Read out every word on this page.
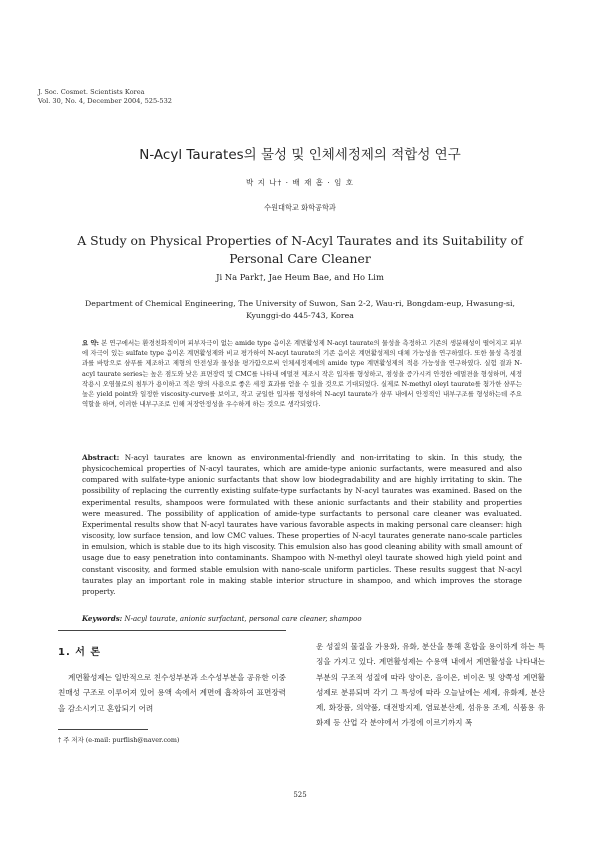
J. Soc. Cosmet. Scientists Korea
Vol. 30, No. 4, December 2004, 525-532
N-Acyl Taurates의 물성 및 인체세정제의 적합성 연구
박 지 나† · 배 재 흠 · 임 호
수원대학교 화학공학과
A Study on Physical Properties of N-Acyl Taurates and its Suitability of Personal Care Cleaner
Ji Na Park†, Jae Heum Bae, and Ho Lim
Department of Chemical Engineering, The University of Suwon, San 2-2, Wau-ri, Bongdam-eup, Hwasung-si, Kyunggi-do 445-743, Korea
요 약: 본 연구에서는 환경친화적이며 피부자극이 없는 amide type 음이온 계면활성제 N-acyl taurate의 물성을 측정하고 기존의 생분해성이 떨어지고 피부에 자극이 있는 sulfate type 음이온 계면활성제와 비교 평가하여 N-acyl taurate의 기존 음이온 계면활성제의 대체 가능성을 연구하였다. 또한 물성 측정결과를 바탕으로 샴푸를 제조하고 제형의 안전성과 물성을 평가함으로써 인체세정제에의 amide type 계면활성제의 적용 가능성을 연구하였다. 실험 결과 N-acyl taurate series는 높은 점도와 낮은 표면장력 및 CMC를 나타내 에멀젼 제조시 작은 입자를 형성하고, 점성을 증가시켜 안정한 에멀젼을 형성하며, 세정 작용시 오염물로의 침투가 용이하고 적은 양의 사용으로 좋은 세정 효과를 얻을 수 있을 것으로 기대되었다. 실제로 N-methyl oleyl taurate를 첨가한 샴푸는 높은 yield point와 일정한 viscosity-curve를 보이고, 작고 균일한 입자를 형성하여 N-acyl taurate가 샴푸 내에서 안정적인 내부구조를 형성하는데 주요 역할을 하며, 이러한 내부구조로 인해 저장안정성을 우수하게 하는 것으로 생각되었다.
Abstract: N-acyl taurates are known as environmental-friendly and non-irritating to skin. In this study, the physicochemical properties of N-acyl taurates, which are amide-type anionic surfactants, were measured and also compared with sulfate-type anionic surfactants that show low biodegradability and are highly irritating to skin. The possibility of replacing the currently existing sulfate-type surfactants by N-acyl taurates was examined. Based on the experimental results, shampoos were formulated with these anionic surfactants and their stability and properties were measured. The possibility of application of amide-type surfactants to personal care cleaner was evaluated. Experimental results show that N-acyl taurates have various favorable aspects in making personal care cleanser: high viscosity, low surface tension, and low CMC values. These properties of N-acyl taurates generate nano-scale particles in emulsion, which is stable due to its high viscosity. This emulsion also has good cleaning ability with small amount of usage due to easy penetration into contaminants. Shampoo with N-methyl oleyl taurate showed high yield point and constant viscosity, and formed stable emulsion with nano-scale uniform particles. These results suggest that N-acyl taurates play an important role in making stable interior structure in shampoo, and which improves the storage property.
Keywords: N-acyl taurate, anionic surfactant, personal care cleaner, shampoo
1. 서 론
계면활성제는 일반적으로 친수성부분과 소수성부분을 공유한 이중친매성 구조로 이루어져 있어 용액 속에서 계면에 흡착하여 표면장력을 감소시키고 혼합되기 어려
운 성질의 물질을 가용화, 유화, 분산을 통해 혼합을 용이하게 하는 특징을 가지고 있다. 계면활성제는 수용액 내에서 계면활성을 나타내는 부분의 구조적 성질에 따라 양이온, 음이온, 비이온 및 양쪽성 계면활성제로 분류되며 각기 그 특성에 따라 오늘날에는 세제, 유화제, 분산제, 화장품, 의약품, 대전방지제, 염료분산제, 섬유용 조제, 식품용 유화제 등 산업 각 분야에서 가정에 이르기까지 폭
† 주 저자 (e-mail: purflish@naver.com)
525
